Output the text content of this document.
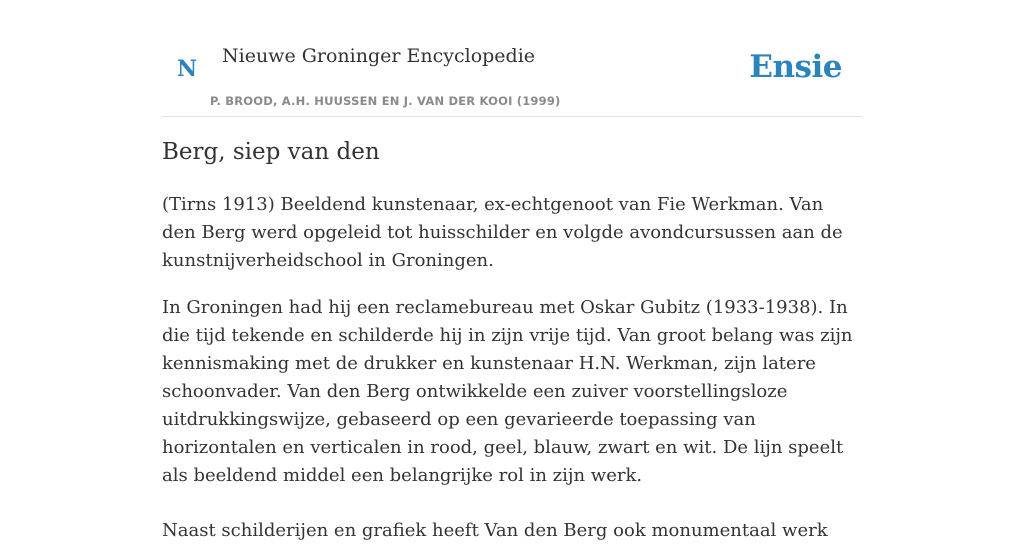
N Nieuwe Groninger Encyclopedie
P. BROOD, A.H. HUUSSEN EN J. VAN DER KOOI (1999)
Ensie
Berg, siep van den

(Tirns 1913) Beeldend kunstenaar, ex-echtgenoot van Fie Werkman. Van den Berg werd opgeleid tot huisschilder en volgde avondcursussen aan de kunstnijverheidschool in Groningen.

In Groningen had hij een reclamebureau met Oskar Gubitz (1933-1938). In die tijd tekende en schilderde hij in zijn vrije tijd. Van groot belang was zijn kennismaking met de drukker en kunstenaar H.N. Werkman, zijn latere schoonvader. Van den Berg ontwikkelde een zuiver voorstellingsloze uitdrukkingswijze, gebaseerd op een gevarieerde toepassing van horizontalen en verticalen in rood, geel, blauw, zwart en wit. De lijn speelt als beeldend middel een belangrijke rol in zijn werk.

Naast schilderijen en grafiek heeft Van den Berg ook monumentaal werk
